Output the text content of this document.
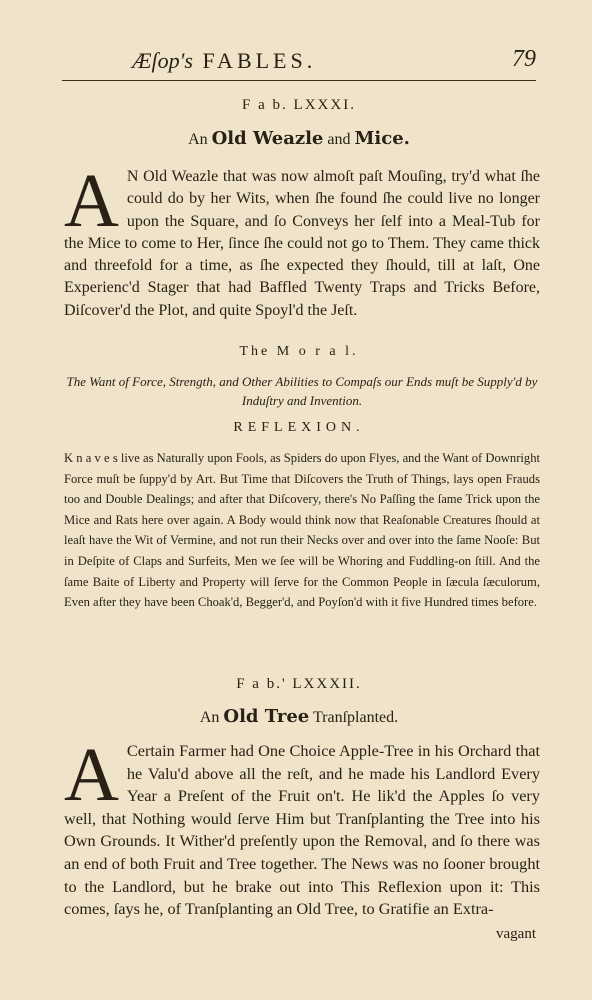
Æſop's FABLES.	79
F a b. LXXXI.
An Old Weazle and Mice.
A N Old Weazle that was now almoſt paſt Mouſing, try'd what ſhe could do by her Wits, when ſhe found ſhe could live no longer upon the Square, and ſo Conveys her ſelf into a Meal-Tub for the Mice to come to Her, ſince ſhe could not go to Them. They came thick and threefold for a time, as ſhe expected they ſhould, till at laſt, One Experienc'd Stager that had Baffled Twenty Traps and Tricks Before, Diſcover'd the Plot, and quite Spoyl'd the Jeſt.
The M o r a l.
The Want of Force, Strength, and Other Abilities to Compaſs our Ends muſt be Supply'd by Induſtry and Invention.
REFLEXION.
K n a v e s live as Naturally upon Fools, as Spiders do upon Flyes, and the Want of Downright Force muſt be ſuppy'd by Art. But Time that Diſcovers the Truth of Things, lays open Frauds too and Double Dealings; and after that Diſcovery, there's No Paſſing the ſame Trick upon the Mice and Rats here over again. A Body would think now that Reaſonable Creatures ſhould at leaſt have the Wit of Vermine, and not run their Necks over and over into the ſame Nooſe: But in Deſpite of Claps and Surfeits, Men we ſee will be Whoring and Fuddling-on ſtill. And the ſame Baite of Liberty and Property will ſerve for the Common People in ſæcula ſæculorum, Even after they have been Choak'd, Begger'd, and Poyſon'd with it five Hundred times before.
F a b.' LXXXII.
An Old Tree Tranſplanted.
A Certain Farmer had One Choice Apple-Tree in his Orchard that he Valu'd above all the reſt, and he made his Landlord Every Year a Preſent of the Fruit on't. He lik'd the Apples ſo very well, that Nothing would ſerve Him but Tranſplanting the Tree into his Own Grounds. It Wither'd preſently upon the Removal, and ſo there was an end of both Fruit and Tree together. The News was no ſooner brought to the Landlord, but he brake out into This Reflexion upon it: This comes, ſays he, of Tranſplanting an Old Tree, to Gratifie an Extra-
vagant
